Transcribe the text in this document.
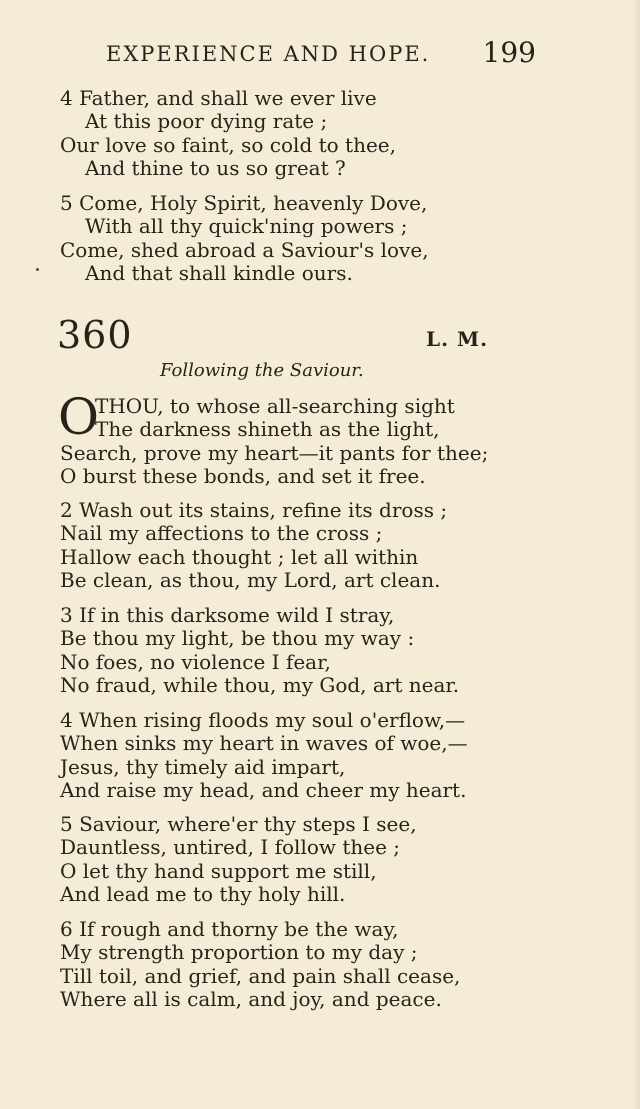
EXPERIENCE AND HOPE. 199
4 Father, and shall we ever live
At this poor dying rate ;
Our love so faint, so cold to thee,
And thine to us so great ?
5 Come, Holy Spirit, heavenly Dove,
With all thy quick'ning powers ;
Come, shed abroad a Saviour's love,
And that shall kindle ours.
360	L. M.
Following the Saviour.
O
THOU, to whose all-searching sight
The darkness shineth as the light,
Search, prove my heart—it pants for thee;
O burst these bonds, and set it free.
2 Wash out its stains, refine its dross ;
Nail my affections to the cross ;
Hallow each thought ; let all within
Be clean, as thou, my Lord, art clean.
3 If in this darksome wild I stray,
Be thou my light, be thou my way :
No foes, no violence I fear,
No fraud, while thou, my God, art near.
4 When rising floods my soul o'erflow,—
When sinks my heart in waves of woe,—
Jesus, thy timely aid impart,
And raise my head, and cheer my heart.
5 Saviour, where'er thy steps I see,
Dauntless, untired, I follow thee ;
O let thy hand support me still,
And lead me to thy holy hill.
6 If rough and thorny be the way,
My strength proportion to my day ;
Till toil, and grief, and pain shall cease,
Where all is calm, and joy, and peace.
